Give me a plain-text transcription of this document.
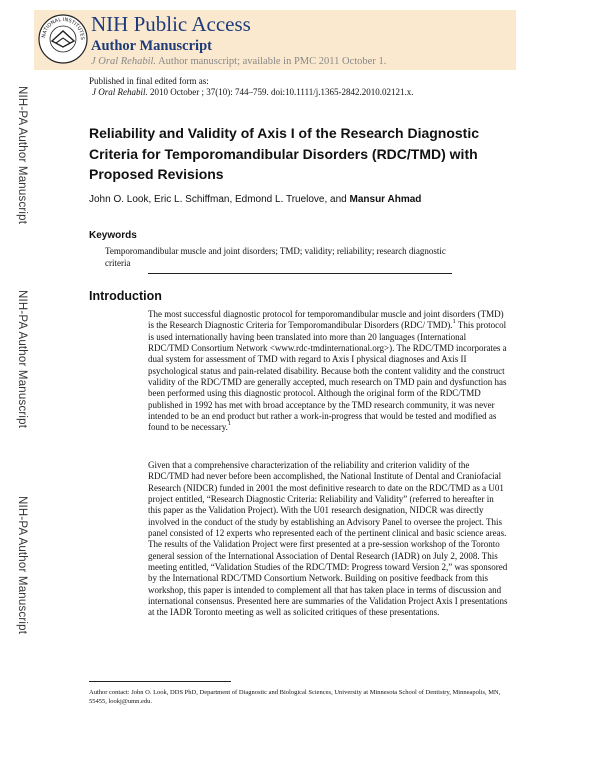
NIH-PA Author Manuscript
NIH-PA Author Manuscript
NIH-PA Author Manuscript
NATIONAL INSTITUTES
NIH Public Access
Author Manuscript
J Oral Rehabil. Author manuscript; available in PMC 2011 October 1.
Published in final edited form as:
J Oral Rehabil. 2010 October ; 37(10): 744–759. doi:10.1111/j.1365-2842.2010.02121.x.
Reliability and Validity of Axis I of the Research Diagnostic Criteria for Temporomandibular Disorders (RDC/TMD) with Proposed Revisions
John O. Look, Eric L. Schiffman, Edmond L. Truelove, and Mansur Ahmad
Keywords
Temporomandibular muscle and joint disorders; TMD; validity; reliability; research diagnostic criteria
Introduction
The most successful diagnostic protocol for temporomandibular muscle and joint disorders (TMD) is the Research Diagnostic Criteria for Temporomandibular Disorders (RDC/ TMD).$^1$ This protocol is used internationally having been translated into more than 20 languages (International RDC/TMD Consortium Network <www.rdc-tmdinternational.org>). The RDC/TMD incorporates a dual system for assessment of TMD with regard to Axis I physical diagnoses and Axis II psychological status and pain-related disability. Because both the content validity and the construct validity of the RDC/TMD are generally accepted, much research on TMD pain and dysfunction has been performed using this diagnostic protocol. Although the original form of the RDC/TMD published in 1992 has met with broad acceptance by the TMD research community, it was never intended to be an end product but rather a work-in-progress that would be tested and modified as found to be necessary.$^1$
Given that a comprehensive characterization of the reliability and criterion validity of the RDC/TMD had never before been accomplished, the National Institute of Dental and Craniofacial Research (NIDCR) funded in 2001 the most definitive research to date on the RDC/TMD as a U01 project entitled, “Research Diagnostic Criteria: Reliability and Validity” (referred to hereafter in this paper as the Validation Project). With the U01 research designation, NIDCR was directly involved in the conduct of the study by establishing an Advisory Panel to oversee the project. This panel consisted of 12 experts who represented each of the pertinent clinical and basic science areas. The results of the Validation Project were first presented at a pre-session workshop of the Toronto general session of the International Association of Dental Research (IADR) on July 2, 2008. This meeting entitled, “Validation Studies of the RDC/TMD: Progress toward Version 2,” was sponsored by the International RDC/TMD Consortium Network. Building on positive feedback from this workshop, this paper is intended to complement all that has taken place in terms of discussion and international consensus. Presented here are summaries of the Validation Project Axis I presentations at the IADR Toronto meeting as well as solicited critiques of these presentations.
Author contact: John O. Look, DDS PhD, Department of Diagnostic and Biological Sciences, University at Minnesota School of Dentistry, Minneapolis, MN, 55455, lookj@umn.edu.
